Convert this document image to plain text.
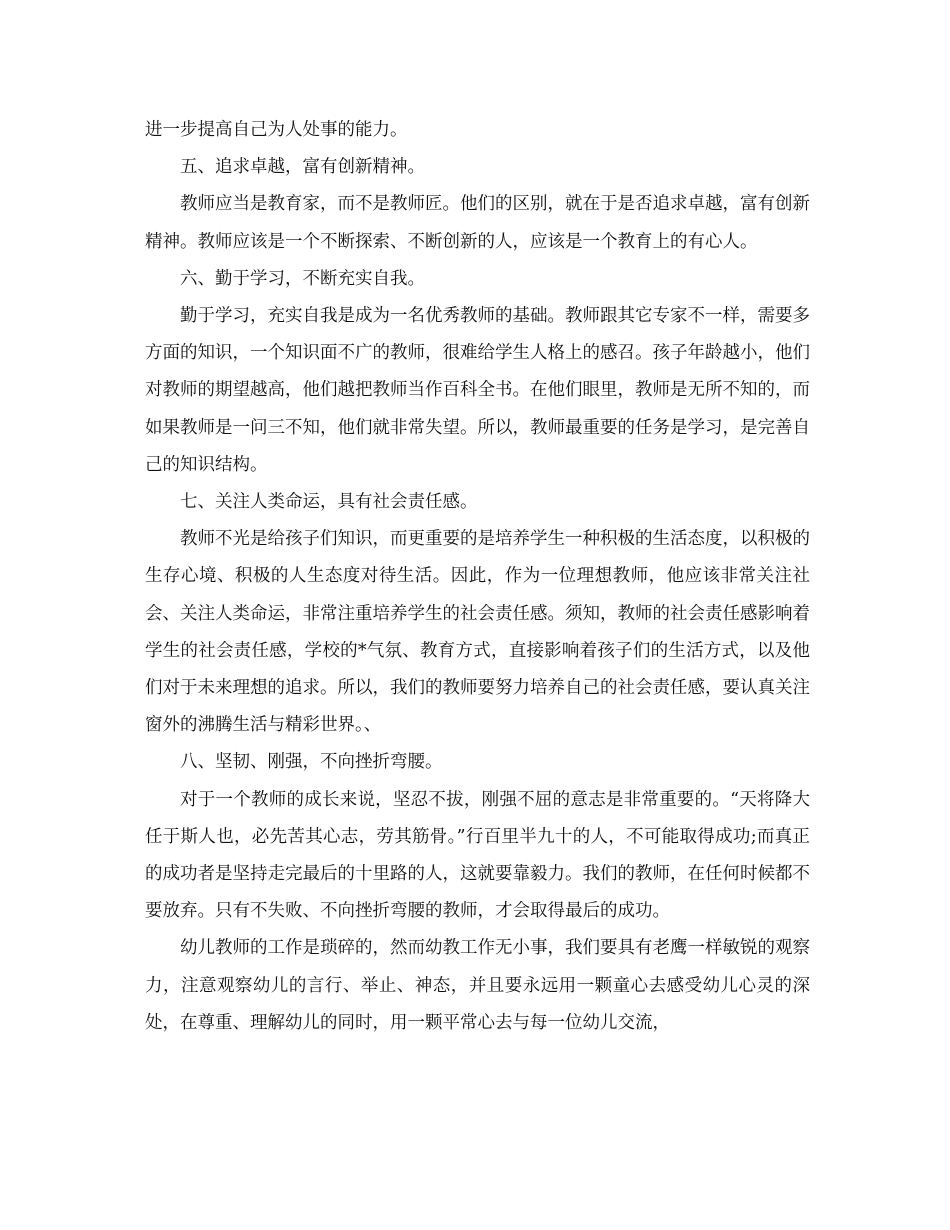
进一步提高自己为人处事的能力。

五、追求卓越，富有创新精神。

教师应当是教育家，而不是教师匠。他们的区别，就在于是否追求卓越，富有创新精神。教师应该是一个不断探索、不断创新的人，应该是一个教育上的有心人。

六、勤于学习，不断充实自我。

勤于学习，充实自我是成为一名优秀教师的基础。教师跟其它专家不一样，需要多方面的知识，一个知识面不广的教师，很难给学生人格上的感召。孩子年龄越小，他们对教师的期望越高，他们越把教师当作百科全书。在他们眼里，教师是无所不知的，而如果教师是一问三不知，他们就非常失望。所以，教师最重要的任务是学习，是完善自己的知识结构。

七、关注人类命运，具有社会责任感。

教师不光是给孩子们知识，而更重要的是培养学生一种积极的生活态度，以积极的生存心境、积极的人生态度对待生活。因此，作为一位理想教师，他应该非常关注社会、关注人类命运，非常注重培养学生的社会责任感。须知，教师的社会责任感影响着学生的社会责任感，学校的*气氛、教育方式，直接影响着孩子们的生活方式，以及他们对于未来理想的追求。所以，我们的教师要努力培养自己的社会责任感，要认真关注窗外的沸腾生活与精彩世界。、

八、坚韧、刚强，不向挫折弯腰。

对于一个教师的成长来说，坚忍不拔，刚强不屈的意志是非常重要的。“天将降大任于斯人也，必先苦其心志，劳其筋骨。”行百里半九十的人，不可能取得成功;而真正的成功者是坚持走完最后的十里路的人，这就要靠毅力。我们的教师，在任何时候都不要放弃。只有不失败、不向挫折弯腰的教师，才会取得最后的成功。

幼儿教师的工作是琐碎的，然而幼教工作无小事，我们要具有老鹰一样敏锐的观察力，注意观察幼儿的言行、举止、神态，并且要永远用一颗童心去感受幼儿心灵的深处，在尊重、理解幼儿的同时，用一颗平常心去与每一位幼儿交流，
